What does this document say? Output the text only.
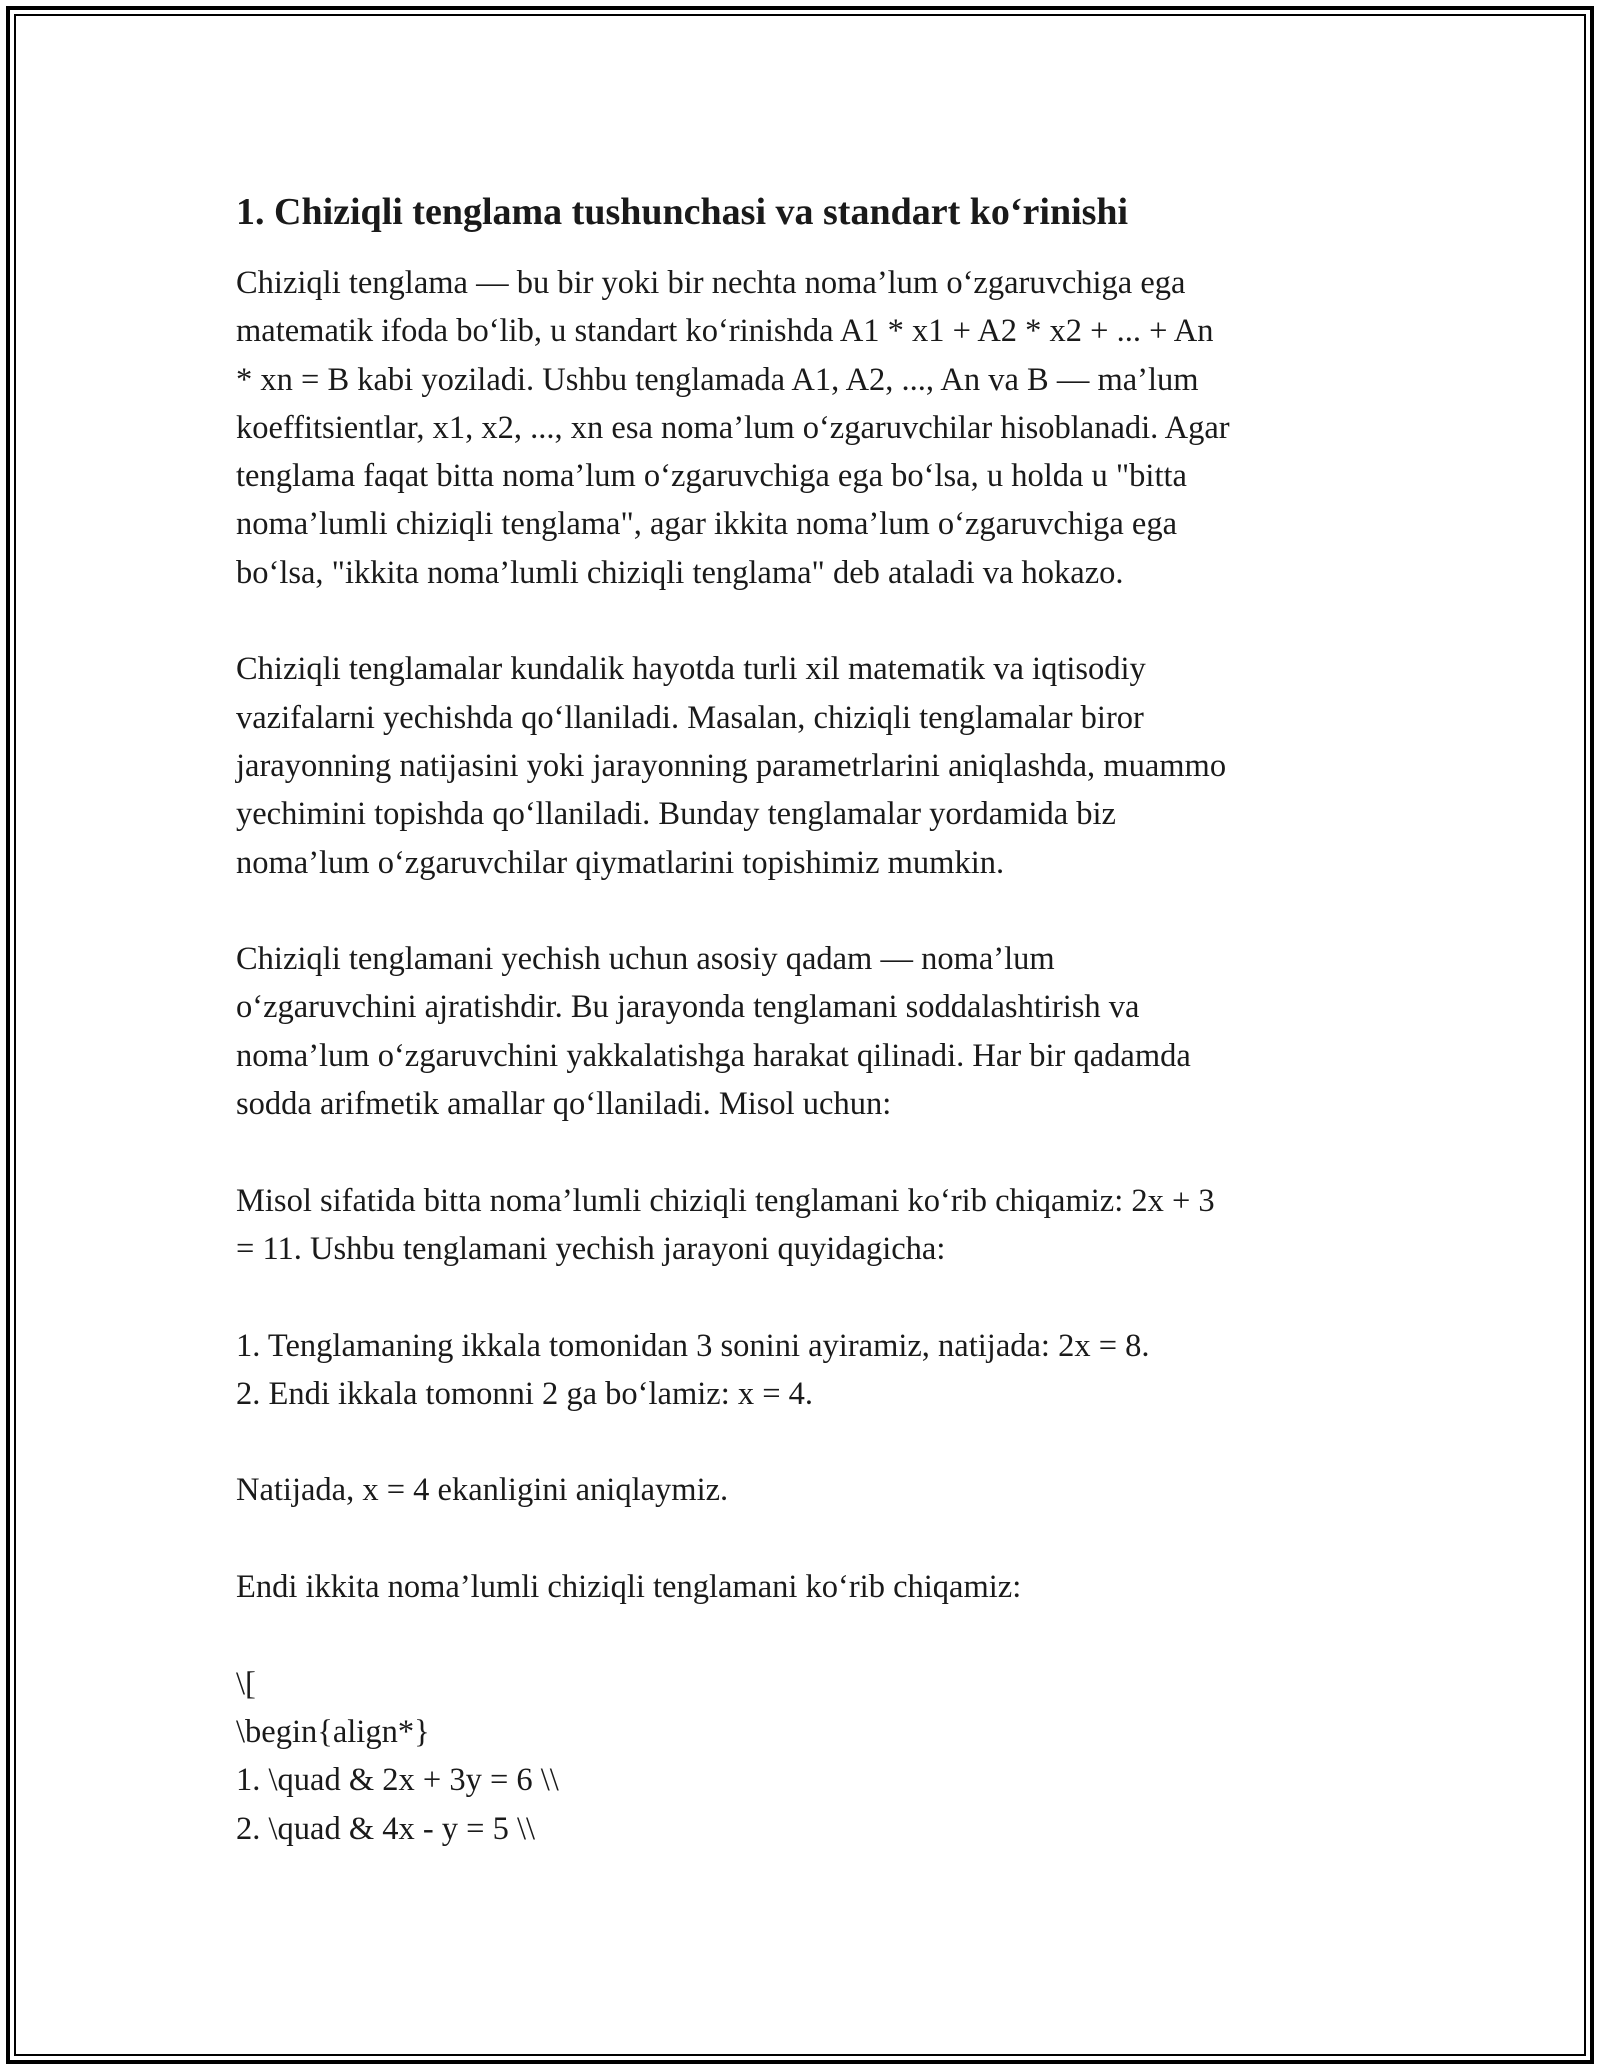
1. Chiziqli tenglama tushunchasi va standart ko‘rinishi
Chiziqli tenglama — bu bir yoki bir nechta noma’lum o‘zgaruvchiga ega
matematik ifoda bo‘lib, u standart ko‘rinishda A1 * x1 + A2 * x2 + ... + An
* xn = B kabi yoziladi. Ushbu tenglamada A1, A2, ..., An va B — ma’lum
koeffitsientlar, x1, x2, ..., xn esa noma’lum o‘zgaruvchilar hisoblanadi. Agar
tenglama faqat bitta noma’lum o‘zgaruvchiga ega bo‘lsa, u holda u "bitta
noma’lumli chiziqli tenglama", agar ikkita noma’lum o‘zgaruvchiga ega
bo‘lsa, "ikkita noma’lumli chiziqli tenglama" deb ataladi va hokazo.
Chiziqli tenglamalar kundalik hayotda turli xil matematik va iqtisodiy
vazifalarni yechishda qo‘llaniladi. Masalan, chiziqli tenglamalar biror
jarayonning natijasini yoki jarayonning parametrlarini aniqlashda, muammo
yechimini topishda qo‘llaniladi. Bunday tenglamalar yordamida biz
noma’lum o‘zgaruvchilar qiymatlarini topishimiz mumkin.
Chiziqli tenglamani yechish uchun asosiy qadam — noma’lum
o‘zgaruvchini ajratishdir. Bu jarayonda tenglamani soddalashtirish va
noma’lum o‘zgaruvchini yakkalatishga harakat qilinadi. Har bir qadamda
sodda arifmetik amallar qo‘llaniladi. Misol uchun:
Misol sifatida bitta noma’lumli chiziqli tenglamani ko‘rib chiqamiz: 2x + 3
= 11. Ushbu tenglamani yechish jarayoni quyidagicha:
1. Tenglamaning ikkala tomonidan 3 sonini ayiramiz, natijada: 2x = 8.
2. Endi ikkala tomonni 2 ga bo‘lamiz: x = 4.
Natijada, x = 4 ekanligini aniqlaymiz.
Endi ikkita noma’lumli chiziqli tenglamani ko‘rib chiqamiz:
\[
\begin{align*}
1. \quad & 2x + 3y = 6 \\
2. \quad & 4x - y = 5 \\
